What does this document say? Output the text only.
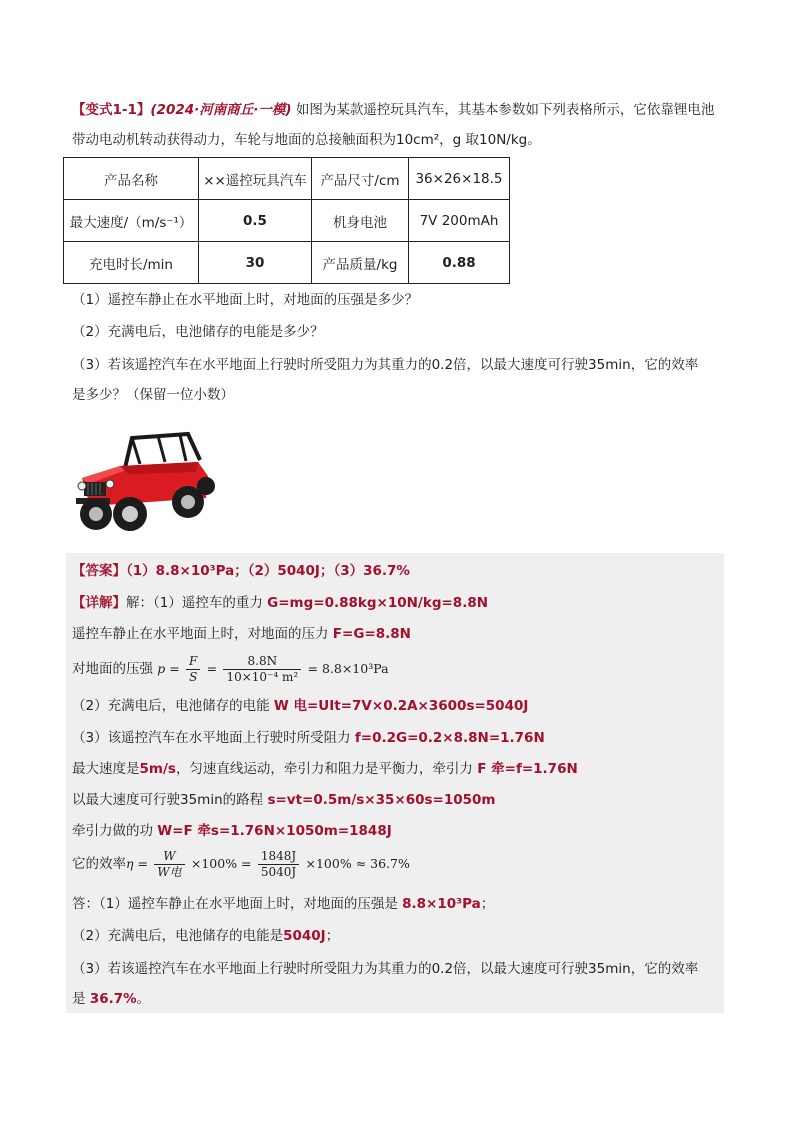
【变式1-1】(2024·河南商丘·一模) 如图为某款遥控玩具汽车，其基本参数如下列表格所示，它依靠锂电池
带动电动机转动获得动力，车轮与地面的总接触面积为10cm²，g 取10N/kg。
产品名称	××遥控玩具汽车	产品尺寸/cm	36×26×18.5
最大速度/（m/s⁻¹）	0.5	机身电池	7V 200mAh
充电时长/min	30	产品质量/kg	0.88
（1）遥控车静止在水平地面上时，对地面的压强是多少？
（2）充满电后，电池储存的电能是多少？
（3）若该遥控汽车在水平地面上行驶时所受阻力为其重力的0.2倍，以最大速度可行驶35min，它的效率
是多少？（保留一位小数）
【答案】（1）8.8×10³Pa；（2）5040J；（3）36.7%
【详解】解：（1）遥控车的重力 G=mg=0.88kg×10N/kg=8.8N
遥控车静止在水平地面上时，对地面的压力 F=G=8.8N
对地面的压强 $p = \frac{F}{S} = \frac{8.8N}{\text{10×10⁻⁴ m²}} = 8.8\times 10^3Pa$
（2）充满电后，电池储存的电能 W 电=UIt=7V×0.2A×3600s=5040J
（3）该遥控汽车在水平地面上行驶时所受阻力 f=0.2G=0.2×8.8N=1.76N
最大速度是5m/s，匀速直线运动，牵引力和阻力是平衡力，牵引力 F 牵=f=1.76N
以最大速度可行驶35min的路程 s=vt=0.5m/s×35×60s=1050m
牵引力做的功 W=F 牵s=1.76N×1050m=1848J
它的效率$\eta = \frac{W}{\text{W电}} \times 100\% = \frac{1848J}{5040J} \times 100\% \approx 36.7\%$
答：（1）遥控车静止在水平地面上时，对地面的压强是 8.8×10³Pa；
（2）充满电后，电池储存的电能是5040J；
（3）若该遥控汽车在水平地面上行驶时所受阻力为其重力的0.2倍，以最大速度可行驶35min，它的效率
是 36.7%。
